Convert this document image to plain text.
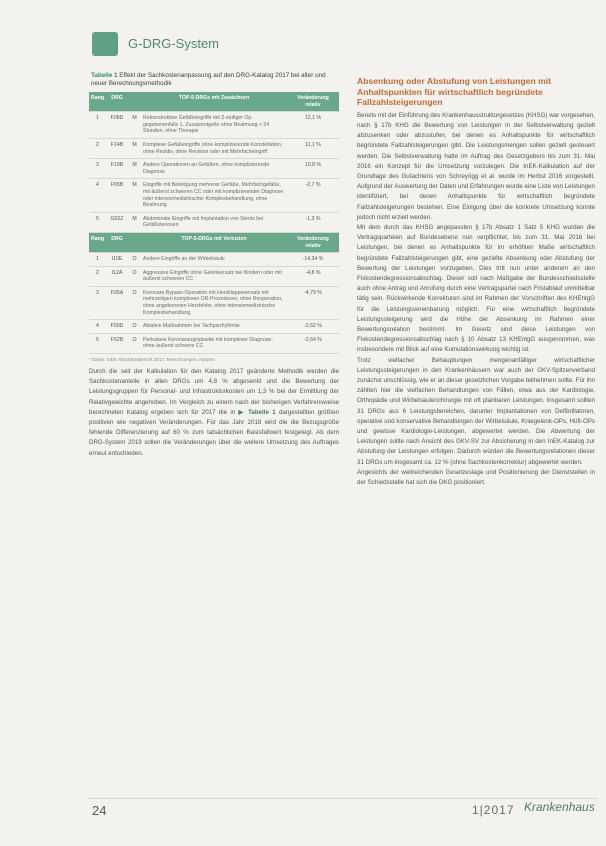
G-DRG-System
Tabelle 1 Effekt der Sachkostenanpassung auf den DRG-Katalog 2017 bei alter und neuer Berechnungsmethodik
Rang	DRG		TOP-5-DRGs mit Zuwächsen	Veränderung relativ
1	F08D	M	Rekonstruktive Gefäßeingriffe mit 2-stufiger Op. gegebenenfalls 1. Zusatzentgelte ohne Beatmung > 24 Stunden, ohne Therapie	12,1 %
2	F14B	M	Komplexe Gefäßeingriffe ohne komplizierende Konstellation, ohne Rezidiv, ohne Revision oder mit Mehrfacheingriff	11,1 %
3	F19B	M	Andere Operationen an Gefäßen, ohne komplizierende Diagnose	10,8 %
4	F65B	M	Eingriffe mit Beteiligung mehrerer Gefäße, Mehrfachgefäße, mit äußerst schweren CC oder mit komplizierender Diagnose oder intensivmedizinischer Komplexbehandlung, ohne Beatmung	-2,7 %
5	G02Z	M	Abdominale Eingriffe mit Implantation von Stents bei Gefäßstenosen	-1,3 %
Rang	DRG		TOP-5-DRGs mit Verlusten	Veränderung relativ
1	I10E	O	Andere Eingriffe an der Wirbelsäule	-14,34 %
2	I12A	O	Aggressive Eingriffe ohne Gelenkersatz bei Kindern oder mit äußerst schweren CC	-4,8 %
3	F05A	O	Koronare Bypass-Operation mit Herzklappenersatz mit mehrzeitigen komplexen OR-Prozeduren, ohne Reoperation, ohne angeborenen Herzfehler, ohne intensivmedizinische Komplexbehandlung	-4,79 %
4	F50D	O	Ablative Maßnahmen bei Tachyarrhythmie	-2,62 %
5	F52B	O	Perkutane Koronarangioplastie mit komplexer Diagnose, ohne äußerst schwere CC	-2,64 %
* Daten: InEK Abschlussbericht 2017; Berechnungen: Autoren

Durch die seit der Kalkulation für den Katalog 2017 geänderte Methodik werden die Sachkostenanteile in allen DRGs um 4,8 % abgesenkt und die Bewertung der Leistungsgruppen für Personal- und Infrastrukturkosten um 1,3 % bei der Ermittlung der Relativgewichte angehoben. Im Vergleich zu einem nach der bisherigen Verfahrensweise berechneten Katalog ergeben sich für 2017 die in ▶ Tabelle 1 dargestellten größten positiven wie negativen Veränderungen. Für das Jahr 2018 wird die die Bezugsgröße fehlende Differenzierung auf 60 % zum tatsächlichen Basisfallwert festgelegt. Ab dem DRG-System 2019 sollen die Veränderungen über die weitere Umsetzung des Auftrages erneut entschieden.

Absenkung oder Abstufung von Leistungen mit Anhaltspunkten für wirtschaftlich begründete Fallzahlsteigerungen

Bereits mit der Einführung des Krankenhausstrukturgesetzes (KHSG) war vorgesehen, nach § 17b KHG die Bewertung von Leistungen in der Selbstverwaltung gezielt abzusenken oder abzustufen, bei denen es Anhaltspunkte für wirtschaftlich begründete Fallzahlsteigerungen gibt. Die Leistungsmengen sollen gezielt gesteuert werden. Die Selbstverwaltung hatte im Auftrag des Gesetzgebers bis zum 31. Mai 2016 ein Konzept für die Umsetzung vorzulegen. Die InEK-Kalkulation auf der Grundlage des Gutachtens von Schreyögg et al. wurde im Herbst 2016 vorgestellt. Aufgrund der Auswertung der Daten und Erfahrungen wurde eine Liste von Leistungen identifiziert, bei denen Anhaltspunkte für wirtschaftlich begründete Fallzahlsteigerungen bestehen. Eine Einigung über die konkrete Umsetzung konnte jedoch nicht erzielt werden.

Mit dem durch das KHSG angepassten § 17b Absatz 1 Satz 5 KHG wurden die Vertragsparteien auf Bundesebene nun verpflichtet, bis zum 31. Mai 2016 bei Leistungen, bei denen es Anhaltspunkte für im erhöhten Maße wirtschaftlich begründete Fallzahlsteigerungen gibt, eine gezielte Absenkung oder Abstufung der Bewertung der Leistungen vorzugeben. Dies tritt nun unter anderem an den Fixkostendegressionsabschlag. Dieser soll nach Maßgabe der Bundesschiedsstelle auch ohne Antrag und Anrufung durch eine Vertragspartei nach Fristablauf unmittelbar tätig sein. Rückwirkende Korrekturen sind im Rahmen der Vorschriften des KHEntgG für die Leistungsvereinbarung möglich. Für eine wirtschaftlich begründete Leistungssteigerung wird die Höhe der Absenkung im Rahmen einer Bewertungsrelation bestimmt. Im Gesetz sind diese Leistungen von Fixkostendegressionsabschlag nach § 10 Absatz 13 KHEntgG ausgenommen, was insbesondere mit Blick auf eine Kumulationswirkung wichtig ist.

Trotz vielfacher Behauptungen mengenanfälliger wirtschaftlicher Leistungssteigerungen in den Krankenhäusern war auch der GKV-Spitzenverband zunächst unschlüssig, wie er an dieser gesetzlichen Vorgabe teilnehmen sollte. Für ihn zählten hier die vielfachen Behandlungen von Fällen, etwa aus der Kardiologie, Orthopädie und Wirbelsäulenchirurgie mit oft planbaren Leistungen. Insgesamt sollten 31 DRGs aus 6 Leistungsbereichen, darunter Implantationen von Defibrillatoren, operative und konservative Behandlungen der Wirbelsäule, Kniegelenk-OPs, Hüft-OPs und gewisse Kardiologie-Leistungen, abgewertet werden. Die Abwertung der Leistungen sollte nach Ansicht des GKV-SV zur Absicherung in den InEK-Katalog zur Abstufung der Leistungen erfolgen. Dadurch würden die Bewertungsrelationen dieser 31 DRGs um insgesamt ca. 12 % (ohne Sachkostenkorrektur) abgewertet werden.

Angesichts der weitreichenden Gesetzeslage und Positionierung der Dienststellen in der Schiedsstelle hat sich die DKG positioniert.

24	1|2017 Krankenhaus
